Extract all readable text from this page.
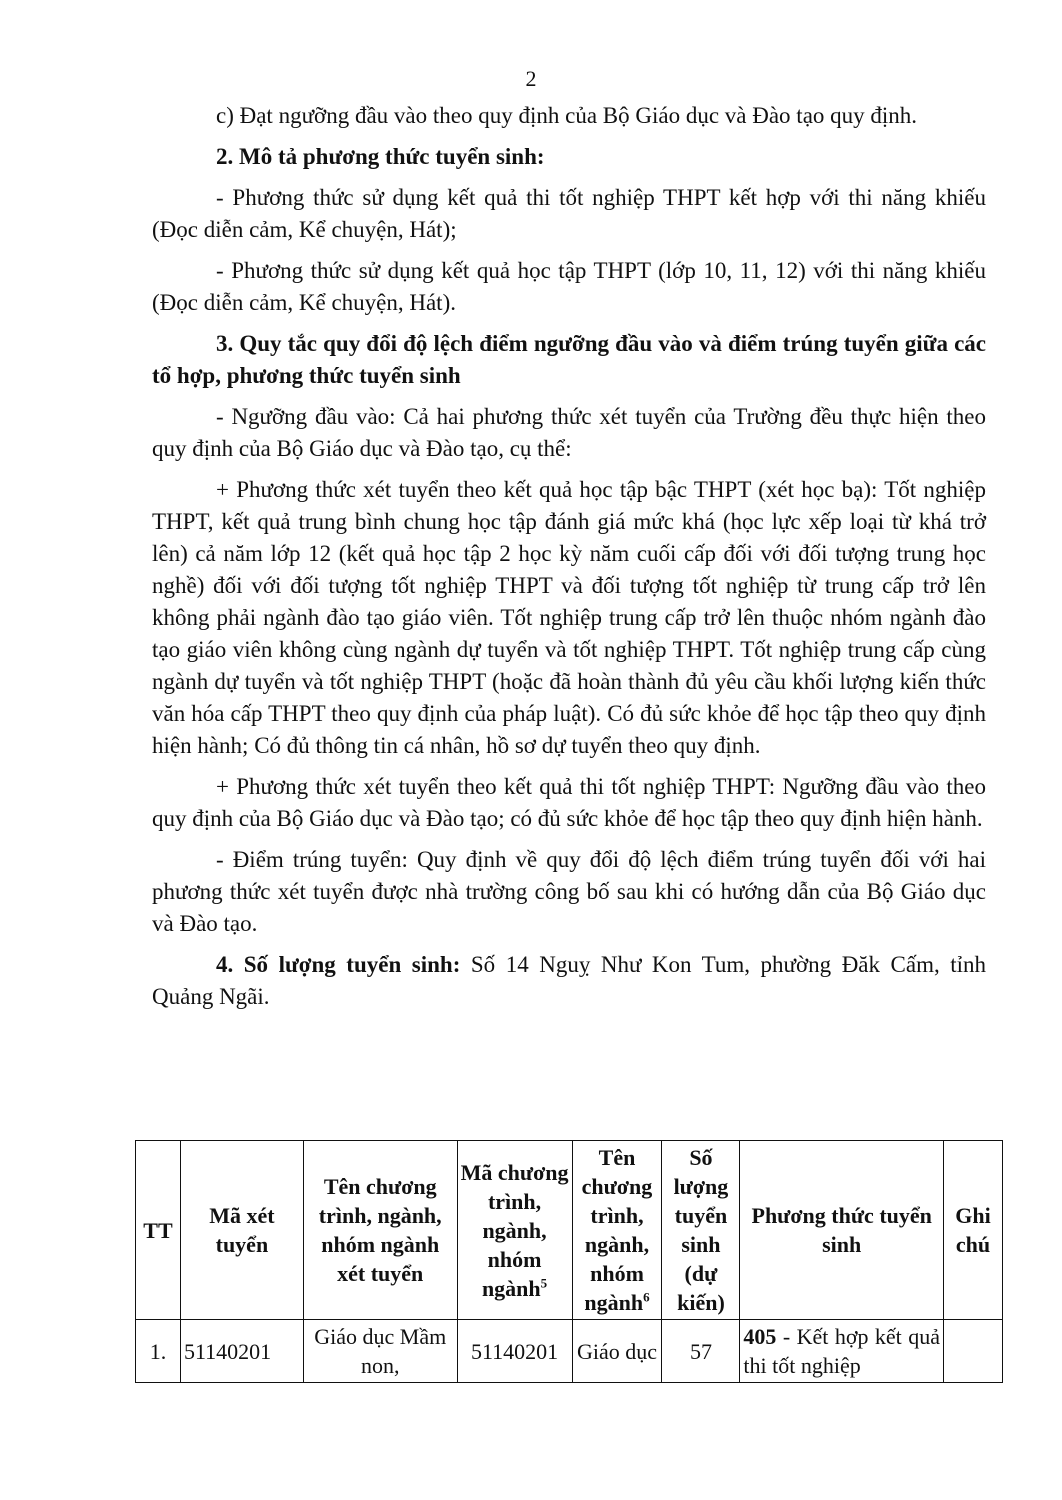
2

c) Đạt ngưỡng đầu vào theo quy định của Bộ Giáo dục và Đào tạo quy định.

2. Mô tả phương thức tuyển sinh:

- Phương thức sử dụng kết quả thi tốt nghiệp THPT kết hợp với thi năng khiếu (Đọc diễn cảm, Kể chuyện, Hát);

- Phương thức sử dụng kết quả học tập THPT (lớp 10, 11, 12) với thi năng khiếu (Đọc diễn cảm, Kể chuyện, Hát).

3. Quy tắc quy đổi độ lệch điểm ngưỡng đầu vào và điểm trúng tuyển giữa các tổ hợp, phương thức tuyển sinh

- Ngưỡng đầu vào: Cả hai phương thức xét tuyển của Trường đều thực hiện theo quy định của Bộ Giáo dục và Đào tạo, cụ thể:

+ Phương thức xét tuyển theo kết quả học tập bậc THPT (xét học bạ): Tốt nghiệp THPT, kết quả trung bình chung học tập đánh giá mức khá (học lực xếp loại từ khá trở lên) cả năm lớp 12 (kết quả học tập 2 học kỳ năm cuối cấp đối với đối tượng trung học nghề) đối với đối tượng tốt nghiệp THPT và đối tượng tốt nghiệp từ trung cấp trở lên không phải ngành đào tạo giáo viên. Tốt nghiệp trung cấp trở lên thuộc nhóm ngành đào tạo giáo viên không cùng ngành dự tuyển và tốt nghiệp THPT. Tốt nghiệp trung cấp cùng ngành dự tuyển và tốt nghiệp THPT (hoặc đã hoàn thành đủ yêu cầu khối lượng kiến thức văn hóa cấp THPT theo quy định của pháp luật). Có đủ sức khỏe để học tập theo quy định hiện hành; Có đủ thông tin cá nhân, hồ sơ dự tuyển theo quy định.

+ Phương thức xét tuyển theo kết quả thi tốt nghiệp THPT: Ngưỡng đầu vào theo quy định của Bộ Giáo dục và Đào tạo; có đủ sức khỏe để học tập theo quy định hiện hành.

- Điểm trúng tuyển: Quy định về quy đổi độ lệch điểm trúng tuyển đối với hai phương thức xét tuyển được nhà trường công bố sau khi có hướng dẫn của Bộ Giáo dục và Đào tạo.

4. Số lượng tuyển sinh: Số 14 Nguỵ Như Kon Tum, phường Đăk Cấm, tỉnh Quảng Ngãi.

TT	Mã xét tuyển	Tên chương trình, ngành, nhóm ngành xét tuyển	Mã chương trình, ngành, nhóm ngành$^5$	Tên chương trình, ngành, nhóm ngành$^6$	Số lượng tuyển sinh (dự kiến)	Phương thức tuyển sinh	Ghi chú
1.	51140201	Giáo dục Mầm non,	51140201	Giáo dục	57	405 - Kết hợp kết quả thi tốt nghiệp	
